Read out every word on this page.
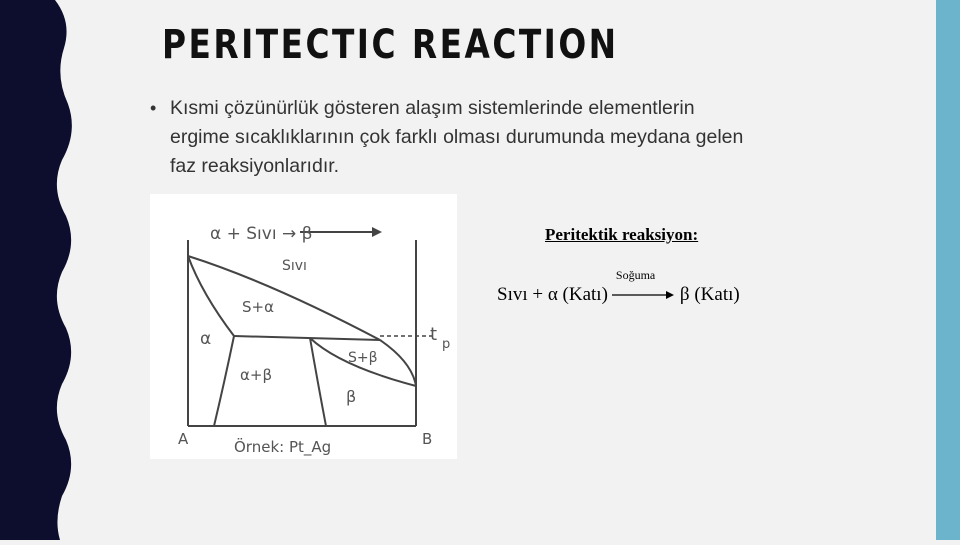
PERITECTIC REACTION
• Kısmi çözünürlük gösteren alaşım sistemlerinde elementlerin ergime sıcaklıklarının çok farklı olması durumunda meydana gelen faz reaksiyonlarıdır.
α + Sıvı → β
Sıvı
S+α
α
S+β
α+β
β
t p
A	B
Örnek: Pt_Ag
Peritektik reaksiyon:
Sıvı + α (Katı)
Soğuma
β (Katı)
